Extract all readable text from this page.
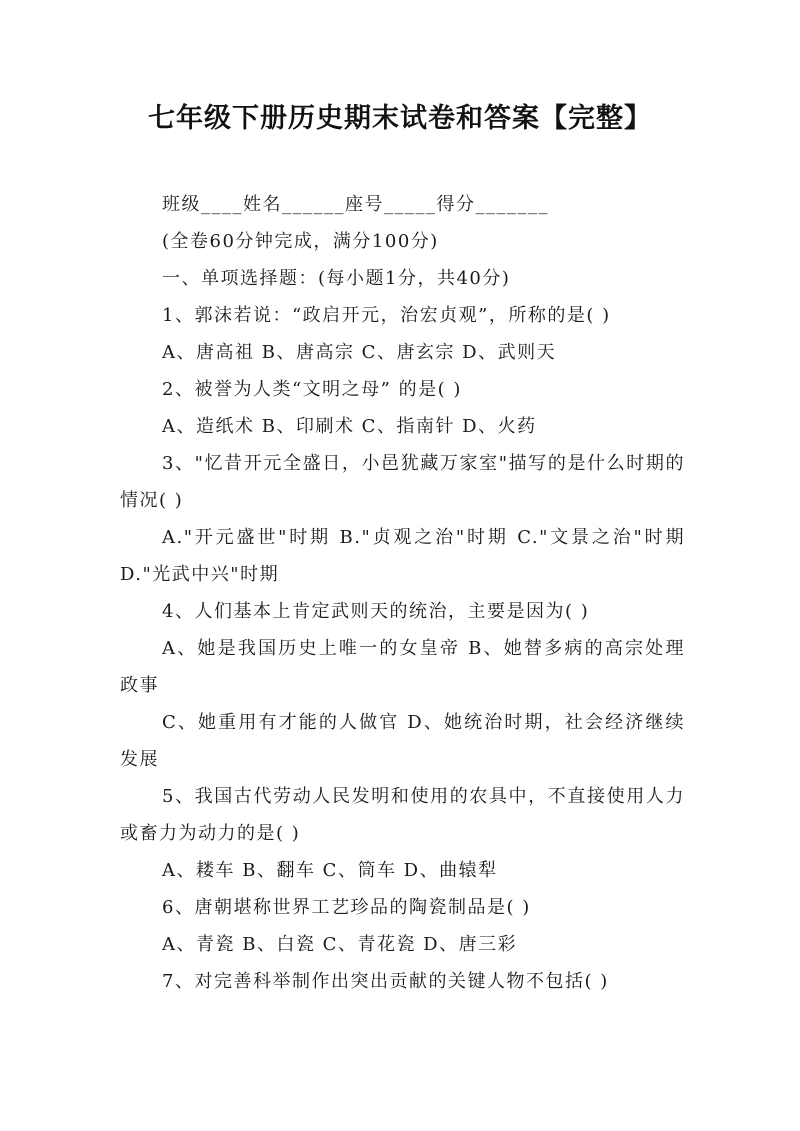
七年级下册历史期末试卷和答案【完整】

班级____姓名______座号_____得分_______

(全卷60分钟完成，满分100分)

一、单项选择题：(每小题1分，共40分)

1、郭沫若说：“政启开元，治宏贞观”，所称的是( )

A、唐高祖 B、唐高宗 C、唐玄宗 D、武则天

2、被誉为人类“文明之母” 的是( )

A、造纸术 B、印刷术 C、指南针 D、火药

3、"忆昔开元全盛日，小邑犹藏万家室"描写的是什么时期的情况( )

A."开元盛世"时期 B."贞观之治"时期 C."文景之治"时期 D."光武中兴"时期

4、人们基本上肯定武则天的统治，主要是因为( )

A、她是我国历史上唯一的女皇帝 B、她替多病的高宗处理政事

C、她重用有才能的人做官 D、她统治时期，社会经济继续发展

5、我国古代劳动人民发明和使用的农具中，不直接使用人力或畜力为动力的是( )

A、耧车 B、翻车 C、筒车 D、曲辕犁

6、唐朝堪称世界工艺珍品的陶瓷制品是( )

A、青瓷 B、白瓷 C、青花瓷 D、唐三彩

7、对完善科举制作出突出贡献的关键人物不包括( )
